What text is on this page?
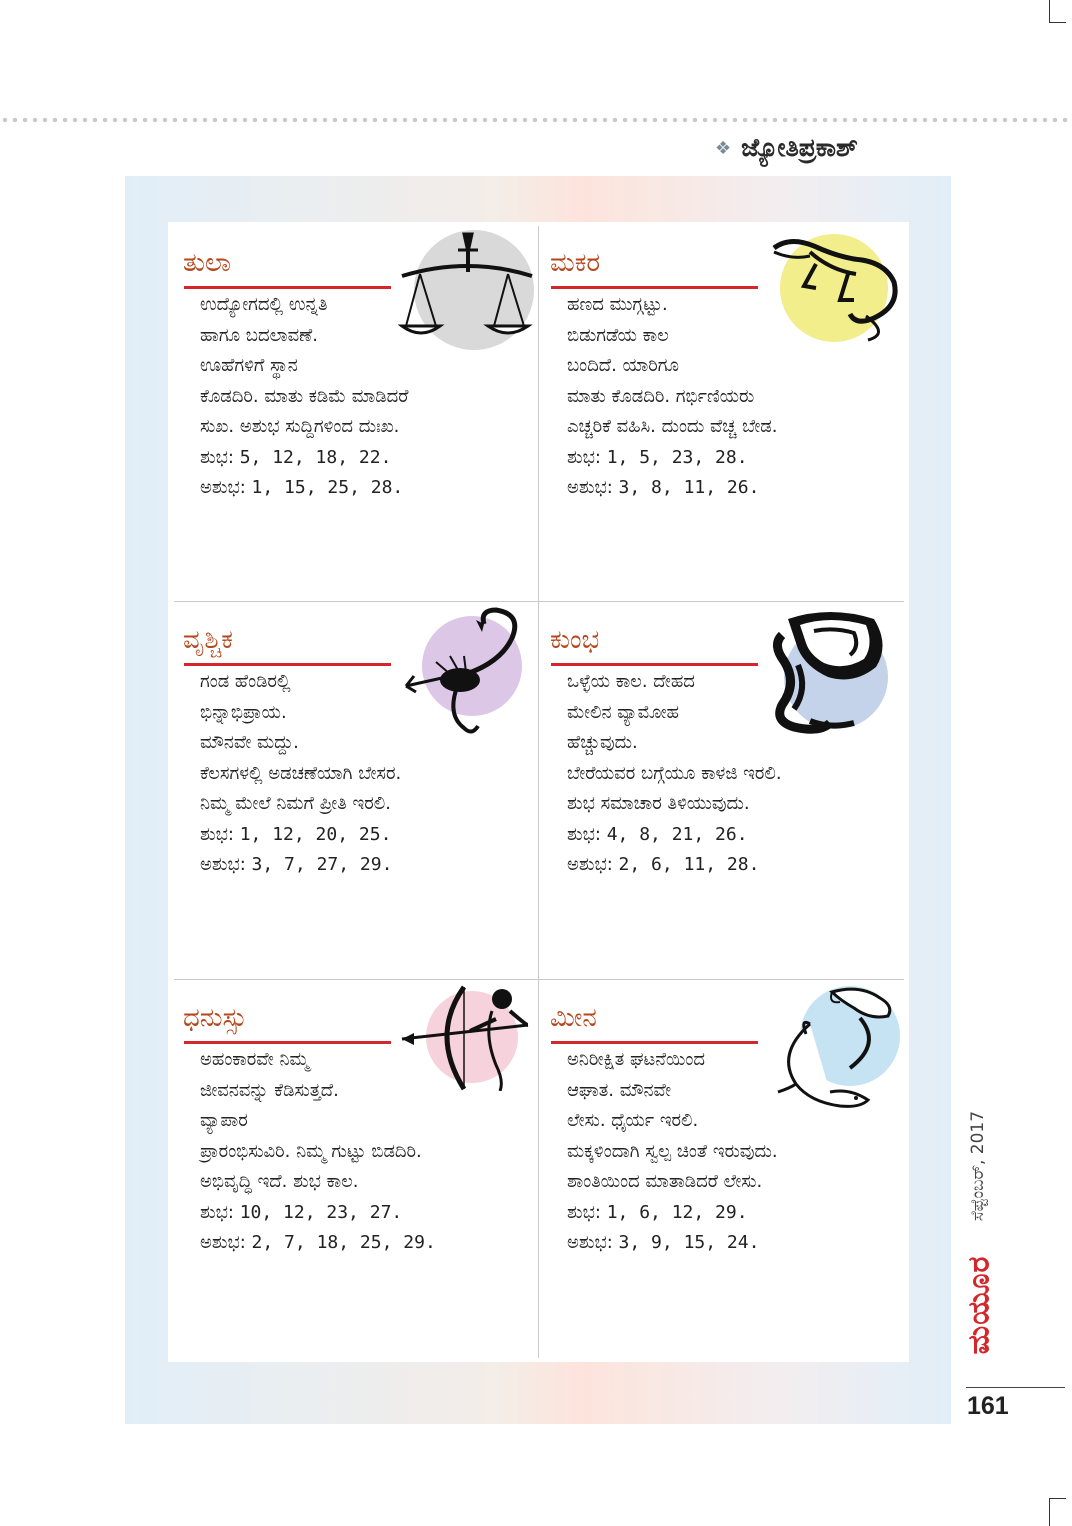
❖ ಜ್ಯೋತಿಪ್ರಕಾಶ್
ತುಲಾ
ಉದ್ಯೋಗದಲ್ಲಿ ಉನ್ನತಿ
ಹಾಗೂ ಬದಲಾವಣೆ.
ಊಹೆಗಳಿಗೆ ಸ್ಥಾನ
ಕೊಡದಿರಿ. ಮಾತು ಕಡಿಮೆ ಮಾಡಿದರೆ
ಸುಖ. ಅಶುಭ ಸುದ್ದಿಗಳಿಂದ ದುಃಖ.
ಶುಭ: 5, 12, 18, 22.
ಅಶುಭ: 1, 15, 25, 28.
ಮಕರ
ಹಣದ ಮುಗ್ಗಟ್ಟು.
ಬಿಡುಗಡೆಯ ಕಾಲ
ಬಂದಿದೆ. ಯಾರಿಗೂ
ಮಾತು ಕೊಡದಿರಿ. ಗರ್ಭಿಣಿಯರು
ಎಚ್ಚರಿಕೆ ವಹಿಸಿ. ದುಂದು ವೆಚ್ಚ ಬೇಡ.
ಶುಭ: 1, 5, 23, 28.
ಅಶುಭ: 3, 8, 11, 26.
ವೃಶ್ಚಿಕ
ಗಂಡ ಹೆಂಡಿರಲ್ಲಿ
ಭಿನ್ನಾಭಿಪ್ರಾಯ.
ಮೌನವೇ ಮದ್ದು.
ಕೆಲಸಗಳಲ್ಲಿ ಅಡಚಣೆಯಾಗಿ ಬೇಸರ.
ನಿಮ್ಮ ಮೇಲೆ ನಿಮಗೆ ಪ್ರೀತಿ ಇರಲಿ.
ಶುಭ: 1, 12, 20, 25.
ಅಶುಭ: 3, 7, 27, 29.
ಕುಂಭ
ಒಳ್ಳೆಯ ಕಾಲ. ದೇಹದ
ಮೇಲಿನ ವ್ಯಾಮೋಹ
ಹೆಚ್ಚುವುದು.
ಬೇರೆಯವರ ಬಗ್ಗೆಯೂ ಕಾಳಜಿ ಇರಲಿ.
ಶುಭ ಸಮಾಚಾರ ತಿಳಿಯುವುದು.
ಶುಭ: 4, 8, 21, 26.
ಅಶುಭ: 2, 6, 11, 28.
ಧನುಸ್ಸು
ಅಹಂಕಾರವೇ ನಿಮ್ಮ
ಜೀವನವನ್ನು ಕೆಡಿಸುತ್ತದೆ.
ವ್ಯಾಪಾರ
ಪ್ರಾರಂಭಿಸುವಿರಿ. ನಿಮ್ಮ ಗುಟ್ಟು ಬಿಡದಿರಿ.
ಅಭಿವೃದ್ಧಿ ಇದೆ. ಶುಭ ಕಾಲ.
ಶುಭ: 10, 12, 23, 27.
ಅಶುಭ: 2, 7, 18, 25, 29.
ಮೀನ
ಅನಿರೀಕ್ಷಿತ ಘಟನೆಯಿಂದ
ಆಘಾತ. ಮೌನವೇ
ಲೇಸು. ಧೈರ್ಯ ಇರಲಿ.
ಮಕ್ಕಳಿಂದಾಗಿ ಸ್ವಲ್ಪ ಚಿಂತೆ ಇರುವುದು.
ಶಾಂತಿಯಿಂದ ಮಾತಾಡಿದರೆ ಲೇಸು.
ಶುಭ: 1, 6, 12, 29.
ಅಶುಭ: 3, 9, 15, 24.
ಸೆಪ್ಟೆಂಬರ್, 2017
ಮಯೂರ
161
